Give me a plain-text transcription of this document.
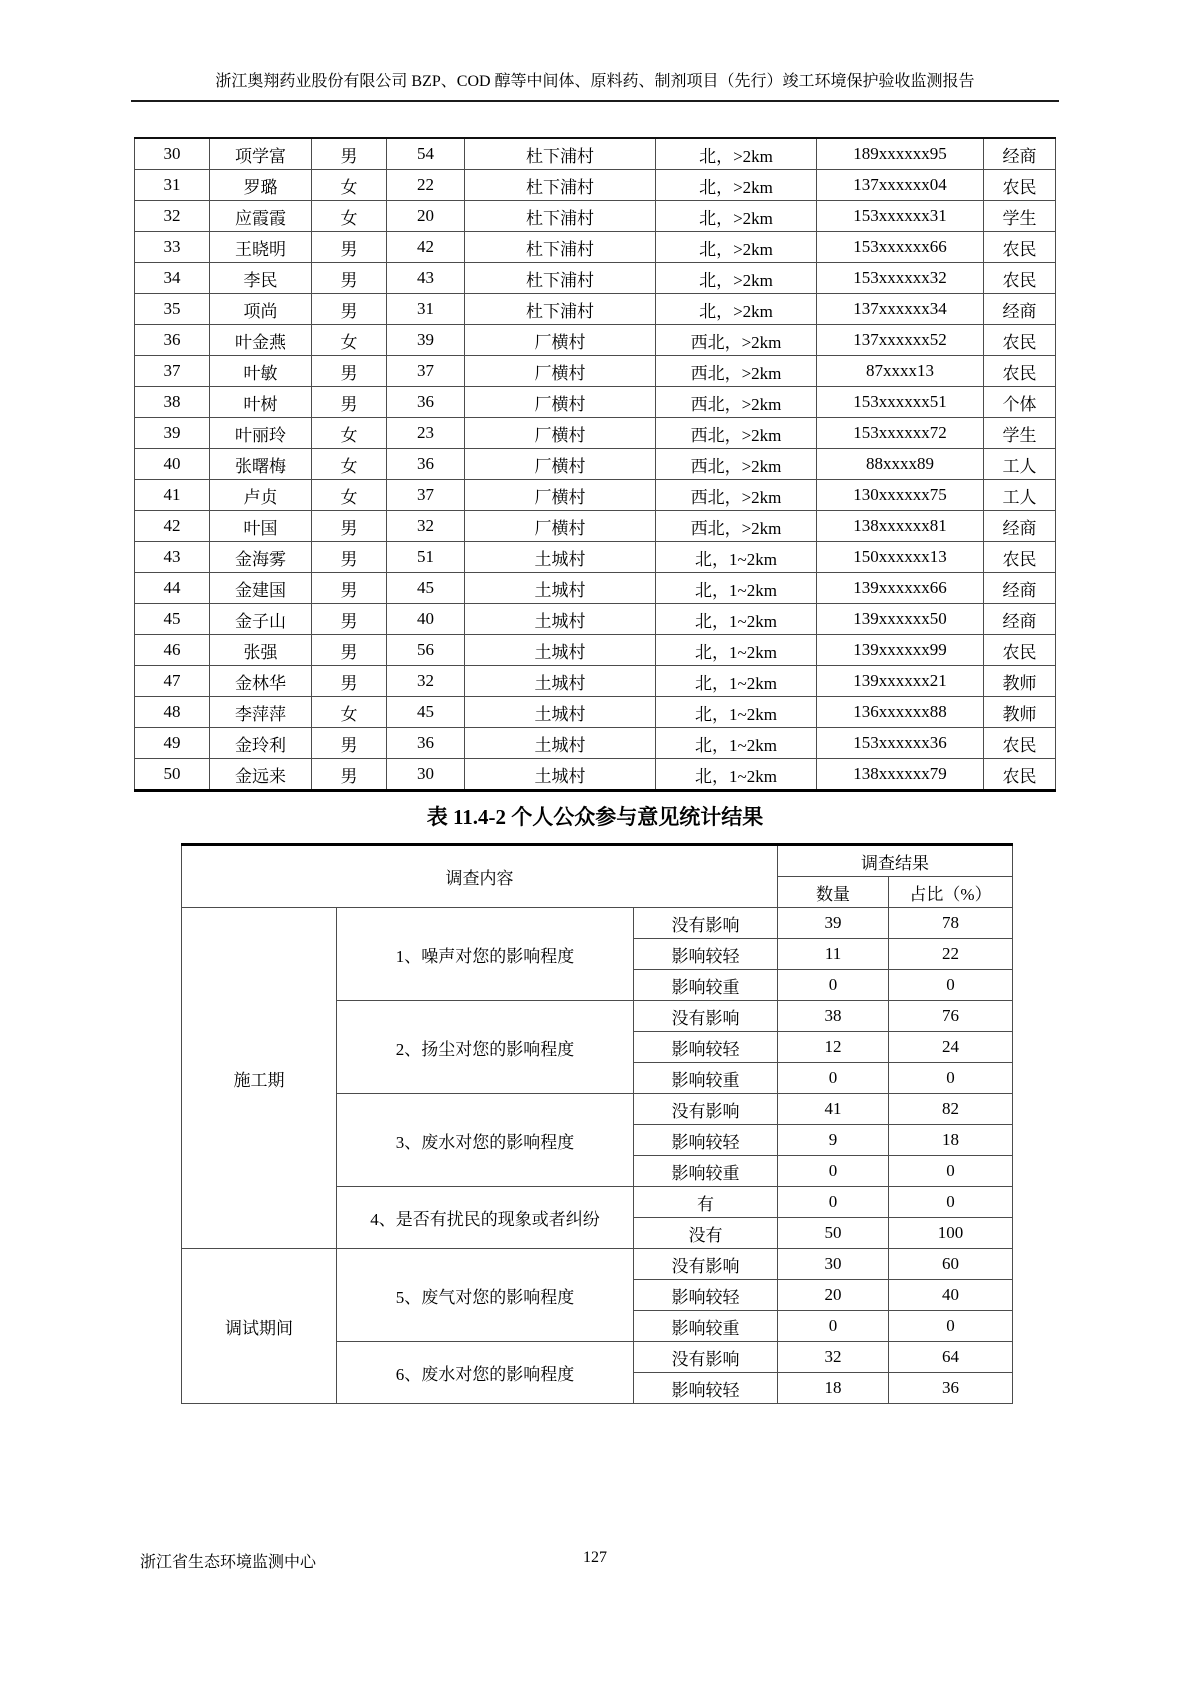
浙江奥翔药业股份有限公司 BZP、COD 醇等中间体、原料药、制剂项目（先行）竣工环境保护验收监测报告
30	项学富	男	54	杜下浦村	北，>2km	189xxxxxx95	经商
31	罗璐	女	22	杜下浦村	北，>2km	137xxxxxx04	农民
32	应霞霞	女	20	杜下浦村	北，>2km	153xxxxxx31	学生
33	王晓明	男	42	杜下浦村	北，>2km	153xxxxxx66	农民
34	李民	男	43	杜下浦村	北，>2km	153xxxxxx32	农民
35	项尚	男	31	杜下浦村	北，>2km	137xxxxxx34	经商
36	叶金燕	女	39	厂横村	西北，>2km	137xxxxxx52	农民
37	叶敏	男	37	厂横村	西北，>2km	87xxxx13	农民
38	叶树	男	36	厂横村	西北，>2km	153xxxxxx51	个体
39	叶丽玲	女	23	厂横村	西北，>2km	153xxxxxx72	学生
40	张曙梅	女	36	厂横村	西北，>2km	88xxxx89	工人
41	卢贞	女	37	厂横村	西北，>2km	130xxxxxx75	工人
42	叶国	男	32	厂横村	西北，>2km	138xxxxxx81	经商
43	金海雾	男	51	土城村	北，1~2km	150xxxxxx13	农民
44	金建国	男	45	土城村	北，1~2km	139xxxxxx66	经商
45	金子山	男	40	土城村	北，1~2km	139xxxxxx50	经商
46	张强	男	56	土城村	北，1~2km	139xxxxxx99	农民
47	金林华	男	32	土城村	北，1~2km	139xxxxxx21	教师
48	李萍萍	女	45	土城村	北，1~2km	136xxxxxx88	教师
49	金玲利	男	36	土城村	北，1~2km	153xxxxxx36	农民
50	金远来	男	30	土城村	北，1~2km	138xxxxxx79	农民
表 11.4-2 个人公众参与意见统计结果
调查内容			调查结果	
			数量	占比（%）
施工期	1、噪声对您的影响程度	没有影响	39	78
		影响较轻	11	22
		影响较重	0	0
	2、扬尘对您的影响程度	没有影响	38	76
		影响较轻	12	24
		影响较重	0	0
	3、废水对您的影响程度	没有影响	41	82
		影响较轻	9	18
		影响较重	0	0
	4、是否有扰民的现象或者纠纷	有	0	0
		没有	50	100
调试期间	5、废气对您的影响程度	没有影响	30	60
		影响较轻	20	40
		影响较重	0	0
	6、废水对您的影响程度	没有影响	32	64
		影响较轻	18	36
浙江省生态环境监测中心	127
